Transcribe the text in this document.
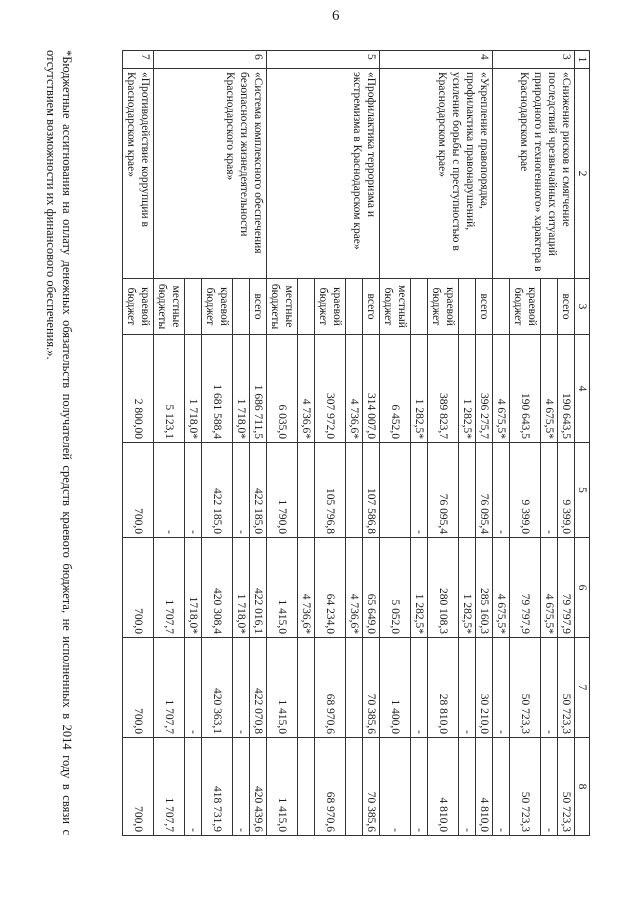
6
1	2	3	4	5	6	7	8
3	«Снижение рисков и смягчение последствий чрезвычайных ситуаций природного и техногенного» характера в Краснодарском крае	всего	190 643,5	9 399,0	79 797,9	50 723,3	50 723,3
			4 675,5*	-	4 675,5*	-	-
		краевой бюджет	190 643,5	9 399,0	79 797,9	50 723,3	50 723,3
			4 675,5*	-	4 675,5*	-	-
4	«Укрепление правопорядка, профилактика правонарушений, усиление борьбы с преступностью в Краснодарском крае»	всего	396 275,7	76 095,4	285 160,3	30 210,0	4 810,0
			1 282,5*		1 282,5*	-	-
		краевой бюджет	389 823,7	76 095,4	280 108,3	28 810,0	4 810,0
			1 282,5*	-	1 282,5*	-	-
		местный бюджет	6 452,0		5 052,0	1 400,0	-
5	«Профилактика терроризма и экстремизма в Краснодарском крае»	всего	314 007,0	107 586,8	65 649,0	70 385,6	70 385,6
			4 736,6*		4 736,6*		
		краевой бюджет	307 972,0	105 796,8	64 234,0	68 970,6	68 970,6
			4 736,6*		4 736,6*		
		местные бюджеты	6 035,0	1 790,0	1 415,0	1 415,0	1 415,0
6	«Система комплексного обеспечения безопасности жизнедеятельности Краснодарского края»	всего	1 686 711,5	422 185,0	422 016,1	422 070,8	420 439,6
			1 718,0*	-	1 718,0*	-	-
		краевой бюджет	1 681 588,4	422 185,0	420 308,4	420 363,1	418 731,9
			1 718,0*	-	1718,0*	-	-
		местные бюджеты	5 123,1	-	1 707,7	1 707,7	1 707,7
7	«Противодействие коррупции в Краснодарском крае»	краевой бюджет	2 800,00	700,0	700,0	700,0	700,0
*Бюджетные ассигнования на оплату денежных обязательств получателей средств краевого бюджета, не исполненных в 2014 году в связи с отсутствием возможности их финансового обеспечения.».
